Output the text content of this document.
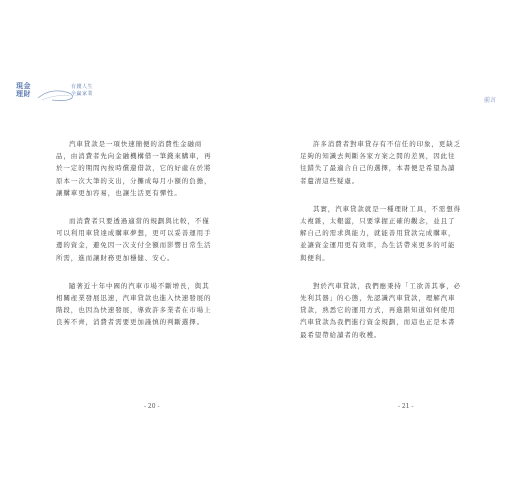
現金
理財
有錢人生
全贏家業

汽車貸款是一項快速簡便的消費性金融商品，由消費者先向金融機構借一筆錢來購車，再於一定的期間內按時償還借款，它的好處在於將原本一次大筆的支出，分攤成每月小額的負擔，讓購車更加容易，也讓生活更有彈性。

而消費者只要透過適當的規劃與比較，不僅可以利用車貸達成購車夢想，更可以妥善運用手邊的資金，避免因一次支付全額而影響日常生活所需，進而讓財務更加穩健、安心。

隨著近十年中國的汽車市場不斷增長，與其相關產業發展迅速，汽車貸款也進入快速發展的階段，也因為快速發展，導致許多業者在市場上良莠不齊，消費者需要更加謹慎的判斷選擇。

- 20 -
前言

許多消費者對車貸存有不信任的印象，更缺乏足夠的知識去判斷各家方案之間的差異，因此往往錯失了最適合自己的選擇，本書便是希望為讀者釐清這些疑慮。

其實，汽車貸款就是一種理財工具，不需想得太複雜，太艱澀，只要掌握正確的觀念，並且了解自己的需求與能力，就能善用貸款完成購車，並讓資金運用更有效率，為生活帶來更多的可能與便利。

對於汽車貸款，我們應秉持「工欲善其事，必先利其器」的心態，先認識汽車貸款，理解汽車貸款，熟悉它的運用方式，再進階知道如何使用汽車貸款為我們進行資金規劃，而這也正是本書最希望帶給讀者的收穫。

- 21 -
